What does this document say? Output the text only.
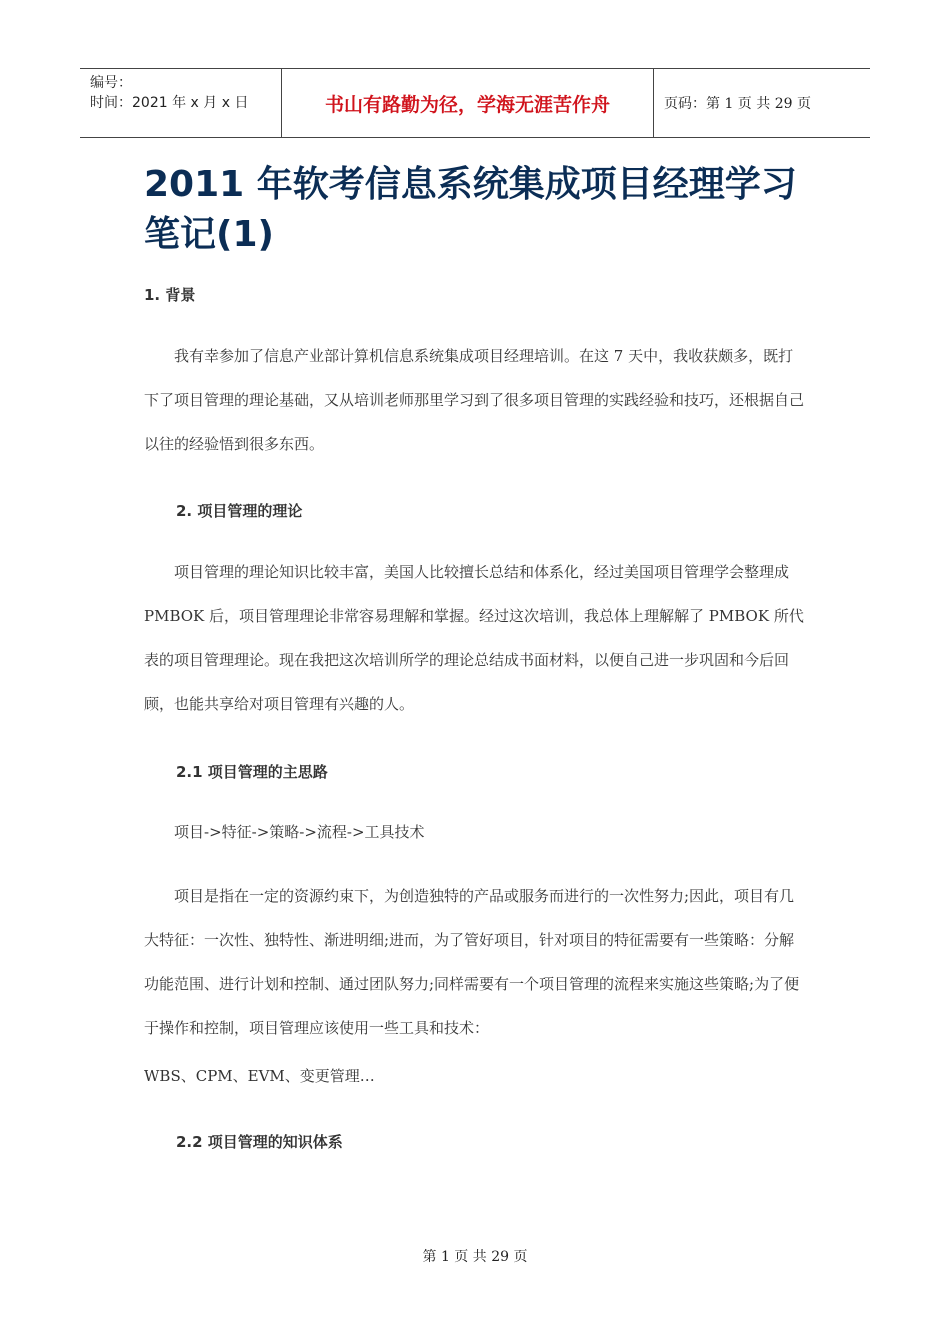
编号：
时间：2021 年 x 月 x 日	书山有路勤为径，学海无涯苦作舟	页码：第 1 页 共 29 页
2011 年软考信息系统集成项目经理学习笔记(1)
1. 背景

我有幸参加了信息产业部计算机信息系统集成项目经理培训。在这 7 天中，我收获颇多，既打下了项目管理的理论基础，又从培训老师那里学习到了很多项目管理的实践经验和技巧，还根据自己以往的经验悟到很多东西。

2. 项目管理的理论

项目管理的理论知识比较丰富，美国人比较擅长总结和体系化，经过美国项目管理学会整理成 PMBOK 后，项目管理理论非常容易理解和掌握。经过这次培训，我总体上理解解了 PMBOK 所代表的项目管理理论。现在我把这次培训所学的理论总结成书面材料，以便自己进一步巩固和今后回顾，也能共享给对项目管理有兴趣的人。

2.1 项目管理的主思路

项目->特征->策略->流程->工具技术

项目是指在一定的资源约束下，为创造独特的产品或服务而进行的一次性努力;因此，项目有几大特征：一次性、独特性、渐进明细;进而，为了管好项目，针对项目的特征需要有一些策略：分解功能范围、进行计划和控制、通过团队努力;同样需要有一个项目管理的流程来实施这些策略;为了便于操作和控制，项目管理应该使用一些工具和技术：

WBS、CPM、EVM、变更管理…

2.2 项目管理的知识体系
第 1 页 共 29 页
